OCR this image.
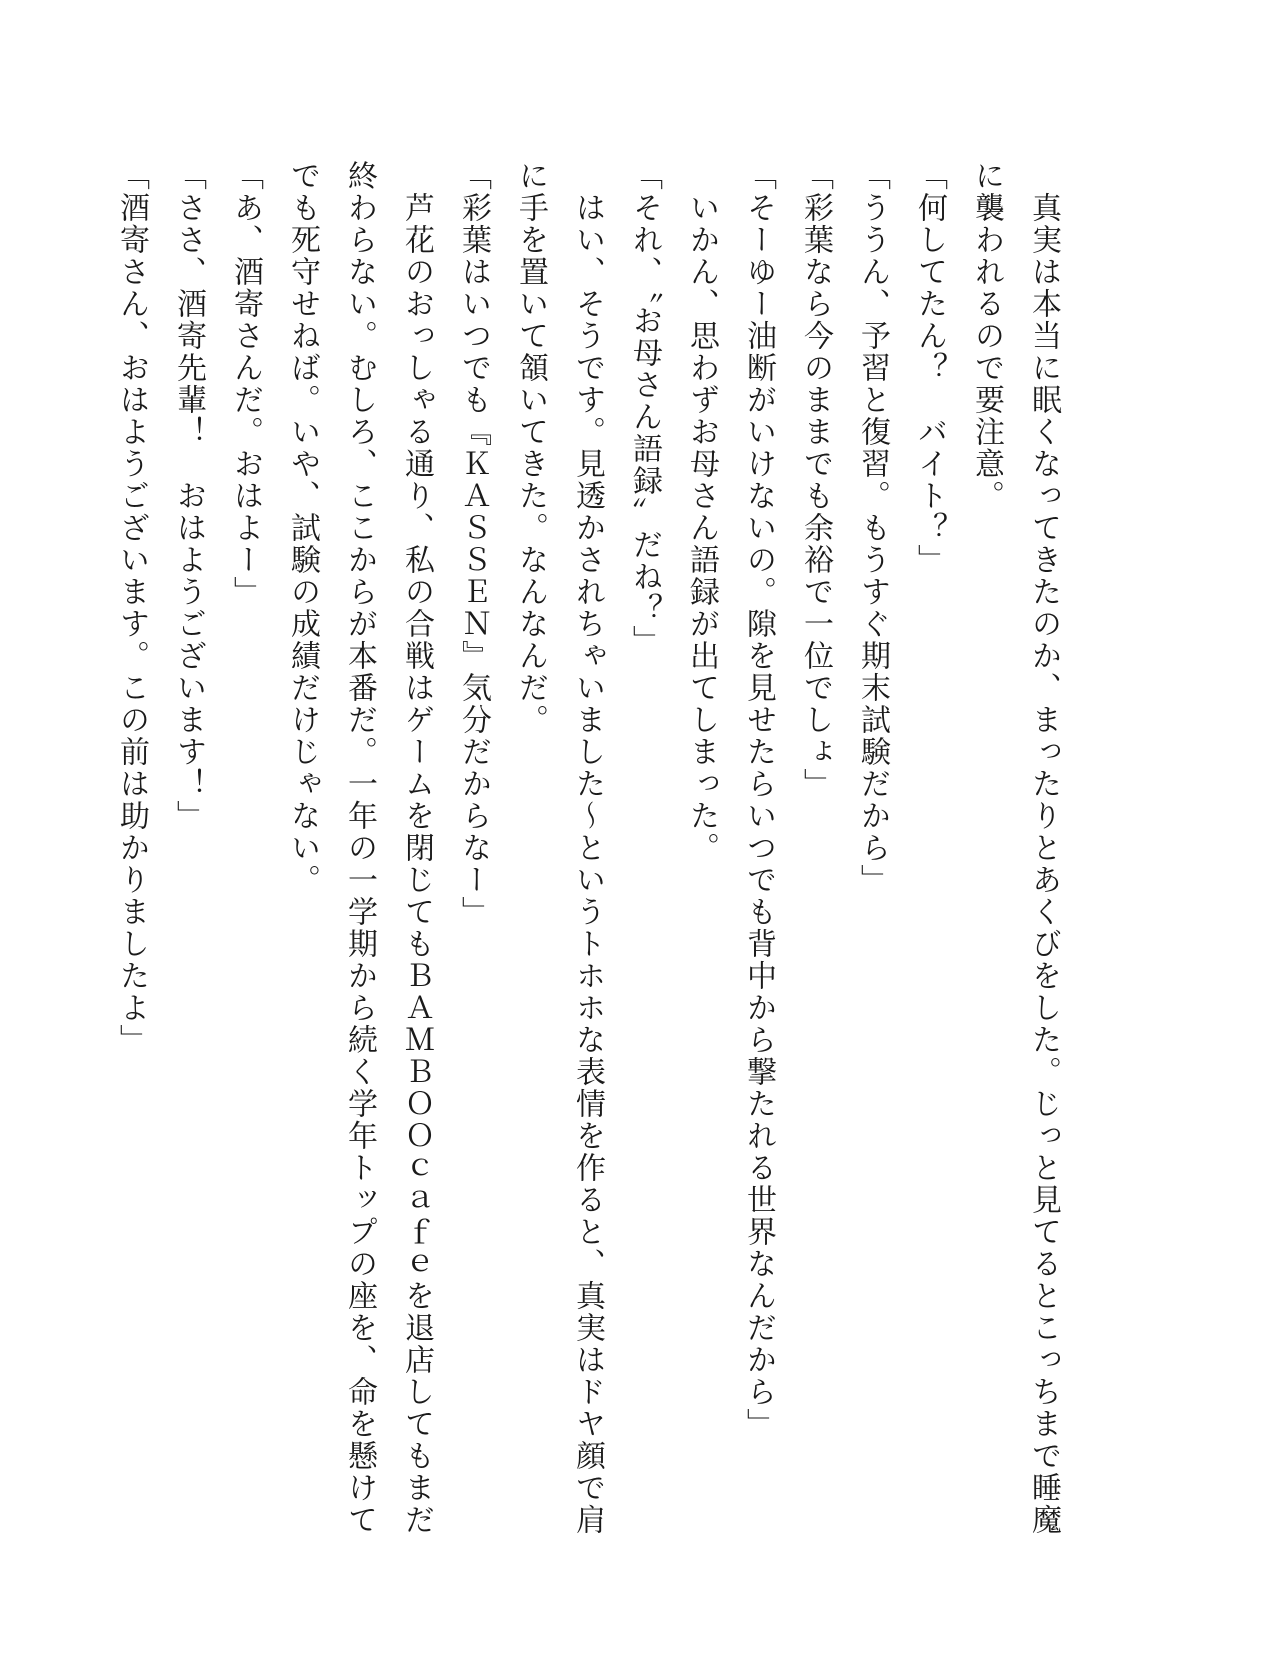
　真実は本当に眠くなってきたのか、まったりとあくびをした。じっと見てるとこっちまで睡魔
に襲われるので要注意。
「何してたん？　バイト？」
「ううん、予習と復習。もうすぐ期末試験だから」
「彩葉なら今のままでも余裕で一位でしょ」
「そーゆー油断がいけないの。隙を見せたらいつでも背中から撃たれる世界なんだから」
　いかん、思わずお母さん語録が出てしまった。
「それ、〝お母さん語録〟だね？」
　はい、そうです。見透かされちゃいました〜というトホホな表情を作ると、真実はドヤ顔で肩
に手を置いて頷いてきた。なんなんだ。
「彩葉はいつでも『ＫＡＳＳＥＮ』気分だからなー」
　芦花のおっしゃる通り、私の合戦はゲームを閉じてもＢＡＭＢＯＯｃａｆｅを退店してもまだ
終わらない。むしろ、ここからが本番だ。一年の一学期から続く学年トップの座を、命を懸けて
でも死守せねば。いや、試験の成績だけじゃない。
「あ、酒寄さんだ。おはよー」
「ささ、酒寄先輩！　おはようございます！」
「酒寄さん、おはようございます。この前は助かりましたよ」
